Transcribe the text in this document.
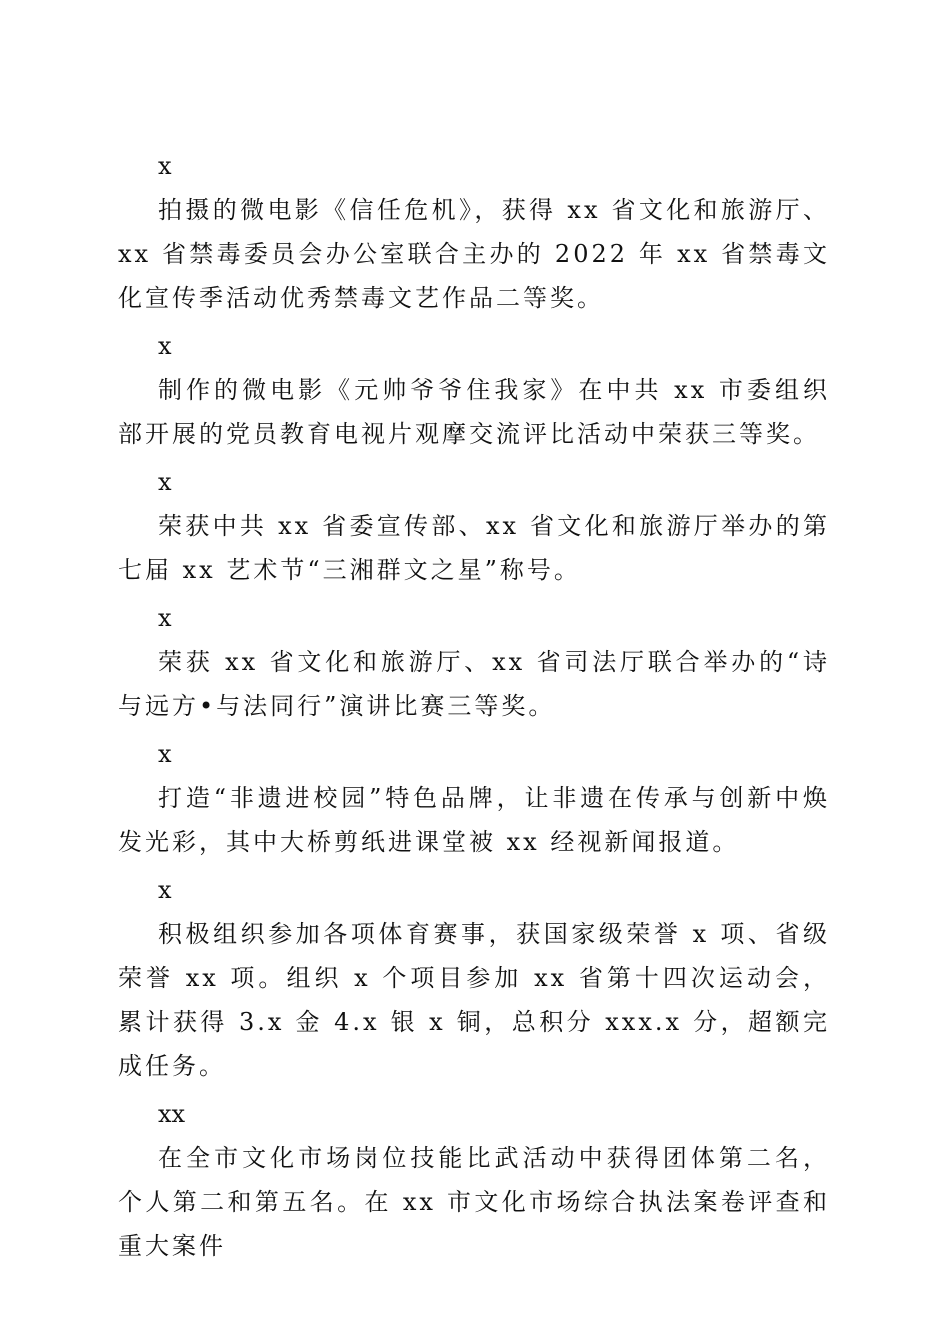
x

拍摄的微电影《信任危机》，获得 xx 省文化和旅游厅、xx 省禁毒委员会办公室联合主办的 2022 年 xx 省禁毒文化宣传季活动优秀禁毒文艺作品二等奖。

x

制作的微电影《元帅爷爷住我家》在中共 xx 市委组织部开展的党员教育电视片观摩交流评比活动中荣获三等奖。

x

荣获中共 xx 省委宣传部、xx 省文化和旅游厅举办的第七届 xx 艺术节“三湘群文之星”称号。

x

荣获 xx 省文化和旅游厅、xx 省司法厅联合举办的“诗与远方•与法同行”演讲比赛三等奖。

x

打造“非遗进校园”特色品牌，让非遗在传承与创新中焕发光彩，其中大桥剪纸进课堂被 xx 经视新闻报道。

x

积极组织参加各项体育赛事，获国家级荣誉 x 项、省级荣誉 xx 项。组织 x 个项目参加 xx 省第十四次运动会，累计获得 3.x 金 4.x 银 x 铜，总积分 xxx.x 分，超额完成任务。

xx

在全市文化市场岗位技能比武活动中获得团体第二名，个人第二和第五名。在 xx 市文化市场综合执法案卷评查和重大案件
